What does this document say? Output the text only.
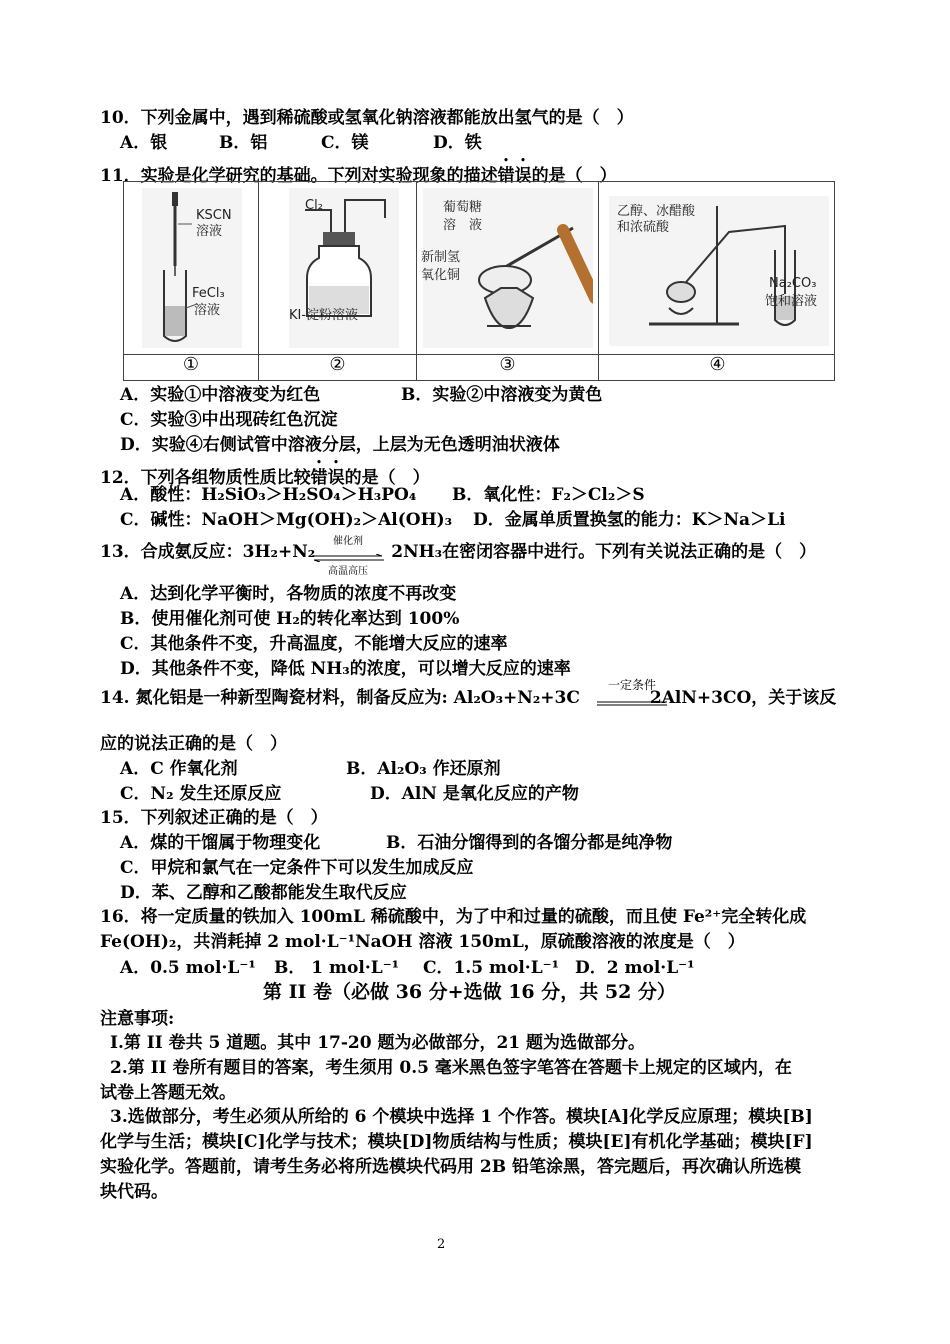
10．下列金属中，遇到稀硫酸或氢氧化钠溶液都能放出氢气的是（　）
A．银	B．铝	C．镁	D．铁
11．实验是化学研究的基础。下列对实验现象的描述错误的是（　）
KSCN
溶液
FeCl₃
溶液
①
Cl₂
KI-淀粉溶液
②
葡萄糖
溶　液
新制氢
氧化铜
③
乙醇、冰醋酸
和浓硫酸
Na₂CO₃
饱和溶液
④
A．实验①中溶液变为红色	B．实验②中溶液变为黄色
C．实验③中出现砖红色沉淀
D．实验④右侧试管中溶液分层，上层为无色透明油状液体
12．下列各组物质性质比较错误的是（　）
A．酸性：H₂SiO₃＞H₂SO₄＞H₃PO₄ B．氧化性：F₂＞Cl₂＞S
C．碱性：NaOH＞Mg(OH)₂＞Al(OH)₃ D．金属单质置换氢的能力：K＞Na＞Li
13．合成氨反应：3H₂+N₂	2NH₃在密闭容器中进行。下列有关说法正确的是（　）
催化剂
高温高压
A．达到化学平衡时，各物质的浓度不再改变
B．使用催化剂可使 H₂的转化率达到 100%
C．其他条件不变，升高温度，不能增大反应的速率
D．其他条件不变，降低 NH₃的浓度，可以增大反应的速率
14. 氮化铝是一种新型陶瓷材料，制备反应为: Al₂O₃+N₂+3C	2AlN+3CO，关于该反
一定条件
应的说法正确的是（　）
A．C 作氧化剂	B．Al₂O₃ 作还原剂
C．N₂ 发生还原反应	D．AlN 是氧化反应的产物
15．下列叙述正确的是（　）
A．煤的干馏属于物理变化	B．石油分馏得到的各馏分都是纯净物
C．甲烷和氯气在一定条件下可以发生加成反应
D．苯、乙醇和乙酸都能发生取代反应
16．将一定质量的铁加入 100mL 稀硫酸中，为了中和过量的硫酸，而且使 Fe²⁺完全转化成
Fe(OH)₂，共消耗掉 2 mol·L⁻¹NaOH 溶液 150mL，原硫酸溶液的浓度是（　）
A．0.5 mol·L⁻¹ B． 1 mol·L⁻¹ C．1.5 mol·L⁻¹ D．2 mol·L⁻¹
第 II 卷（必做 36 分+选做 16 分，共 52 分）
注意事项:
Ⅰ.第 II 卷共 5 道题。其中 17-20 题为必做部分，21 题为选做部分。
2.第 II 卷所有题目的答案，考生须用 0.5 毫米黑色签字笔答在答题卡上规定的区域内，在
试卷上答题无效。
3.选做部分，考生必须从所给的 6 个模块中选择 1 个作答。模块[A]化学反应原理；模块[B]
化学与生活；模块[C]化学与技术；模块[D]物质结构与性质；模块[E]有机化学基础；模块[F]
实验化学。答题前，请考生务必将所选模块代码用 2B 铅笔涂黑，答完题后，再次确认所选模
块代码。
2
